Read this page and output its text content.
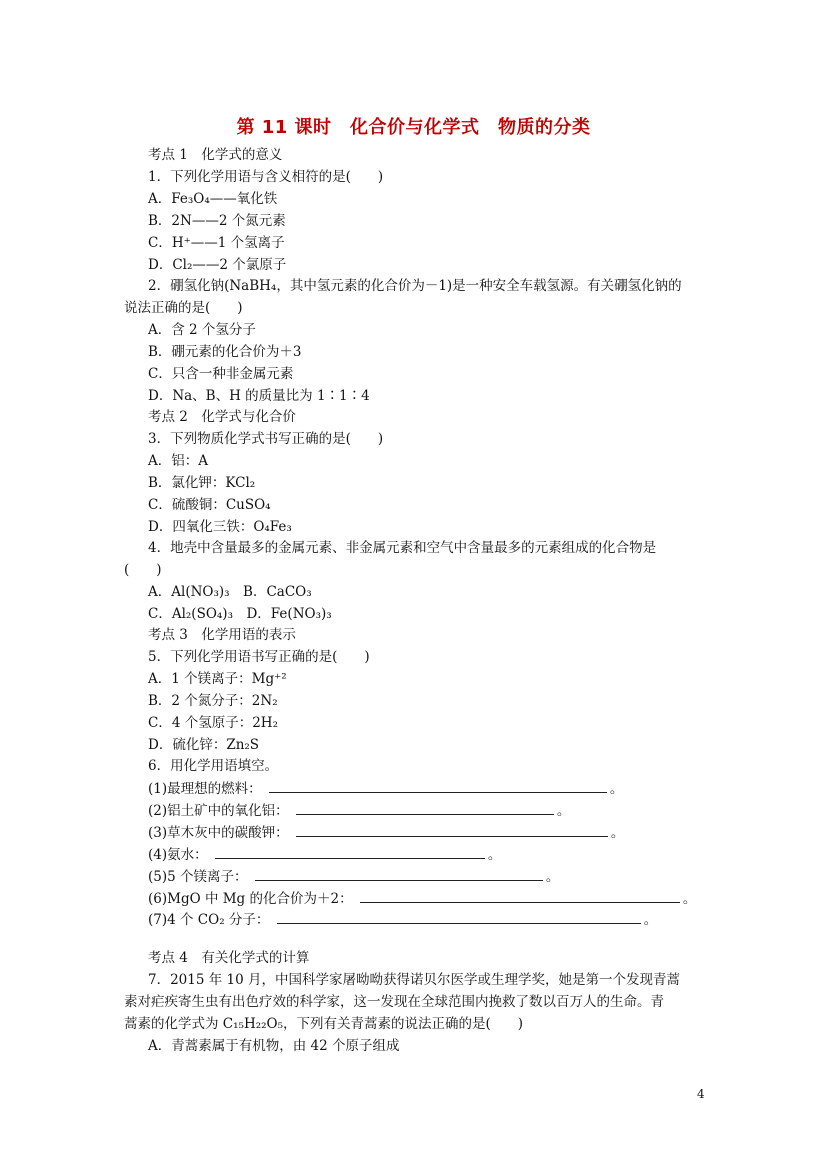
第 11 课时　化合价与化学式　物质的分类
考点 1　化学式的意义
1．下列化学用语与含义相符的是(　　)
A．Fe₃O₄——氧化铁
B．2N——2 个氮元素
C．H⁺——1 个氢离子
D．Cl₂——2 个氯原子
2．硼氢化钠(NaBH₄，其中氢元素的化合价为－1)是一种安全车载氢源。有关硼氢化钠的
说法正确的是(　　)
A．含 2 个氢分子
B．硼元素的化合价为＋3
C．只含一种非金属元素
D．Na、B、H 的质量比为 1∶1∶4
考点 2　化学式与化合价
3．下列物质化学式书写正确的是(　　)
A．铝：A
B．氯化钾：KCl₂
C．硫酸铜：CuSO₄
D．四氧化三铁：O₄Fe₃
4．地壳中含量最多的金属元素、非金属元素和空气中含量最多的元素组成的化合物是
(　　)
A．Al(NO₃)₃　B．CaCO₃
C．Al₂(SO₄)₃　D．Fe(NO₃)₃
考点 3　化学用语的表示
5．下列化学用语书写正确的是(　　)
A．1 个镁离子：Mg⁺²
B．2 个氮分子：2N₂
C．4 个氢原子：2H₂
D．硫化锌：Zn₂S
6．用化学用语填空。
(1)最理想的燃料：	。
(2)铝土矿中的氧化铝：	。
(3)草木灰中的碳酸钾：	。
(4)氨水：	。
(5)5 个镁离子：	。
(6)MgO 中 Mg 的化合价为＋2：	。
(7)4 个 CO₂ 分子：	。
考点 4　有关化学式的计算
7．2015 年 10 月，中国科学家屠呦呦获得诺贝尔医学或生理学奖，她是第一个发现青蒿
素对疟疾寄生虫有出色疗效的科学家，这一发现在全球范围内挽救了数以百万人的生命。青
蒿素的化学式为 C₁₅H₂₂O₅，下列有关青蒿素的说法正确的是(　　)
A．青蒿素属于有机物，由 42 个原子组成
4
